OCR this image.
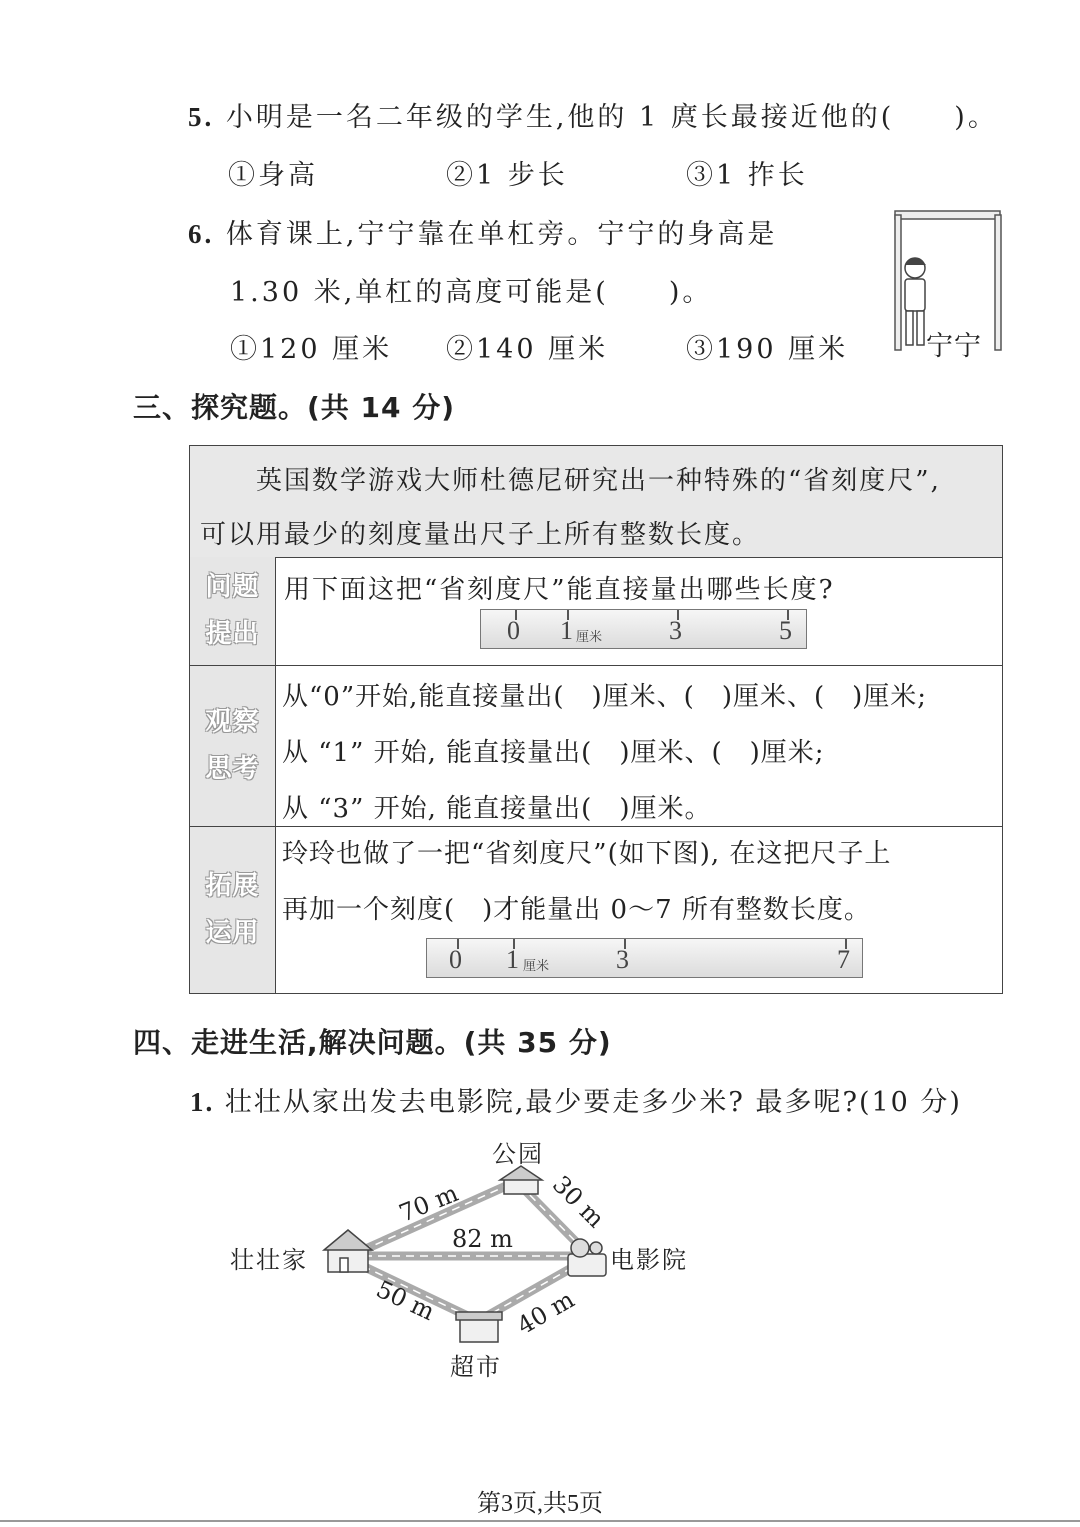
5. 小明是一名二年级的学生,他的 1 庹长最接近他的(　　)。
①身高	②1 步长	③1 拃长
6. 体育课上,宁宁靠在单杠旁。宁宁的身高是
1.30 米,单杠的高度可能是(　　)。
①120 厘米 ②140 厘米	③190 厘米	宁宁
三、探究题。(共 14 分)
英国数学游戏大师杜德尼研究出一种特殊的“省刻度尺”,
可以用最少的刻度量出尺子上所有整数长度。
问题
提出
用下面这把“省刻度尺”能直接量出哪些长度?
0 1 厘米	3	5
观察
思考
从“0”开始,能直接量出(　)厘米、(　)厘米、(　)厘米;
从 “1” 开始, 能直接量出(　)厘米、(　)厘米;
从 “3” 开始, 能直接量出(　)厘米。
拓展
运用
玲玲也做了一把“省刻度尺”(如下图), 在这把尺子上
再加一个刻度(　)才能量出 0～7 所有整数长度。
0 1 厘米	3	7
四、走进生活,解决问题。(共 35 分)
1. 壮壮从家出发去电影院,最少要走多少米? 最多呢?(10 分)
70 m	30 m
82 m
50 m	40 m
壮壮家
公园
电影院
超市
第3页,共5页
